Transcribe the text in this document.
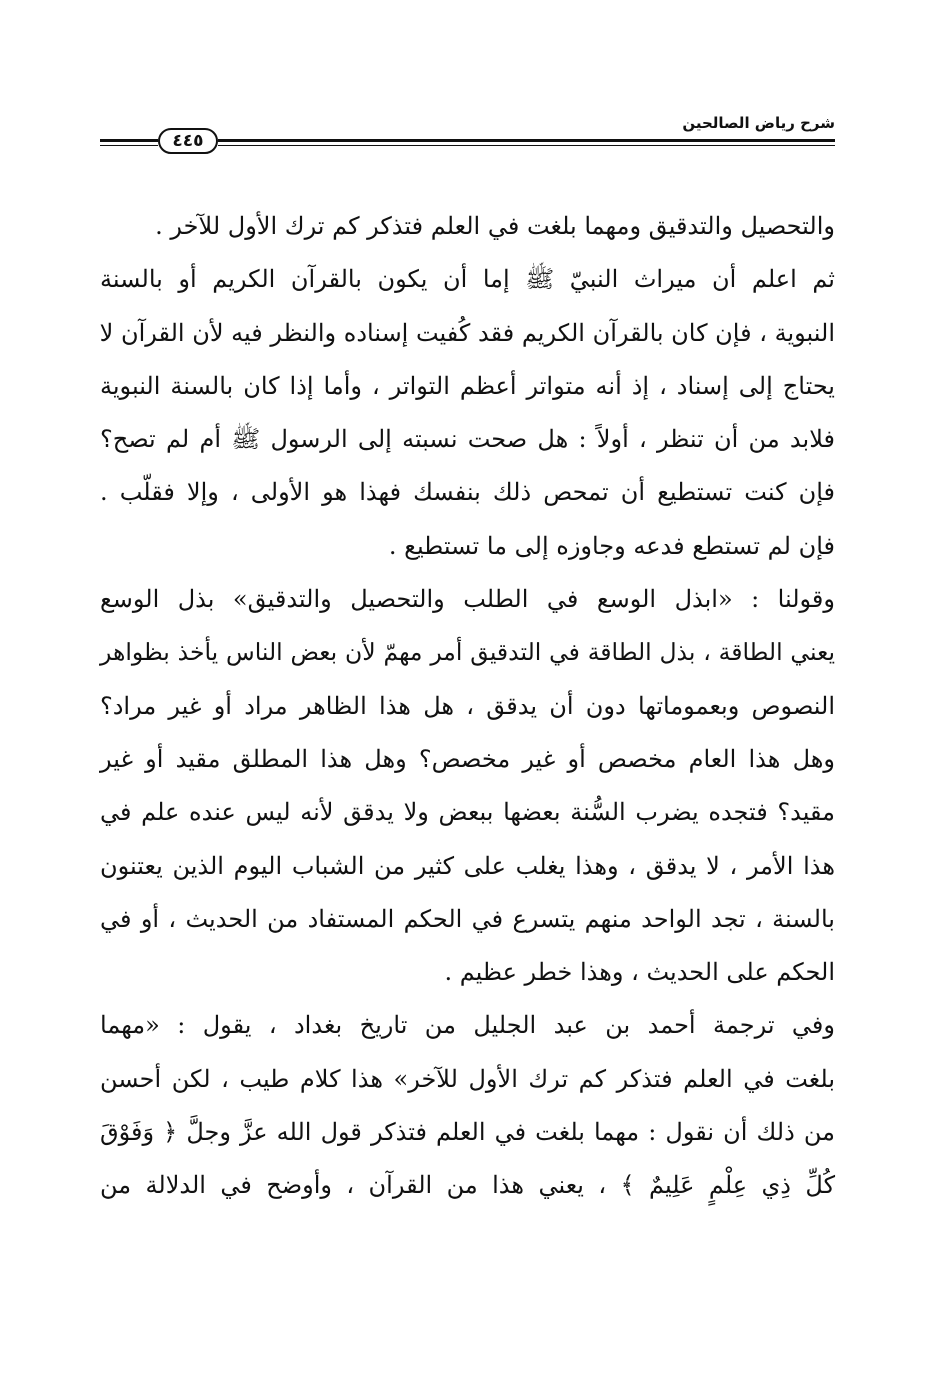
شرح رياض الصالحين
٤٤٥
والتحصيل والتدقيق ومهما بلغت في العلم فتذكر كم ترك الأول للآخر .
ثم اعلم أن ميراث النبيّ ﷺ إما أن يكون بالقرآن الكريم أو بالسنة
النبوية ، فإن كان بالقرآن الكريم فقد كُفيت إسناده والنظر فيه لأن القرآن لا
يحتاج إلى إسناد ، إذ أنه متواتر أعظم التواتر ، وأما إذا كان بالسنة النبوية
فلابد من أن تنظر ، أولاً : هل صحت نسبته إلى الرسول ﷺ أم لم تصح؟
فإن كنت تستطيع أن تمحص ذلك بنفسك فهذا هو الأولى ، وإلا فقلّب .
فإن لم تستطع فدعه وجاوزه إلى ما تستطيع .
وقولنا : «ابذل الوسع في الطلب والتحصيل والتدقيق» بذل الوسع
يعني الطاقة ، بذل الطاقة في التدقيق أمر مهمّ لأن بعض الناس يأخذ بظواهر
النصوص وبعموماتها دون أن يدقق ، هل هذا الظاهر مراد أو غير مراد؟
وهل هذا العام مخصص أو غير مخصص؟ وهل هذا المطلق مقيد أو غير
مقيد؟ فتجده يضرب السُّنة بعضها ببعض ولا يدقق لأنه ليس عنده علم في
هذا الأمر ، لا يدقق ، وهذا يغلب على كثير من الشباب اليوم الذين يعتنون
بالسنة ، تجد الواحد منهم يتسرع في الحكم المستفاد من الحديث ، أو في
الحكم على الحديث ، وهذا خطر عظيم .
وفي ترجمة أحمد بن عبد الجليل من تاريخ بغداد ، يقول : «مهما
بلغت في العلم فتذكر كم ترك الأول للآخر» هذا كلام طيب ، لكن أحسن
من ذلك أن نقول : مهما بلغت في العلم فتذكر قول الله عزَّ وجلَّ ﴿ وَفَوْقَ
كُلِّ ذِي عِلْمٍ عَلِيمٌ ﴾ ، يعني هذا من القرآن ، وأوضح في الدلالة من
